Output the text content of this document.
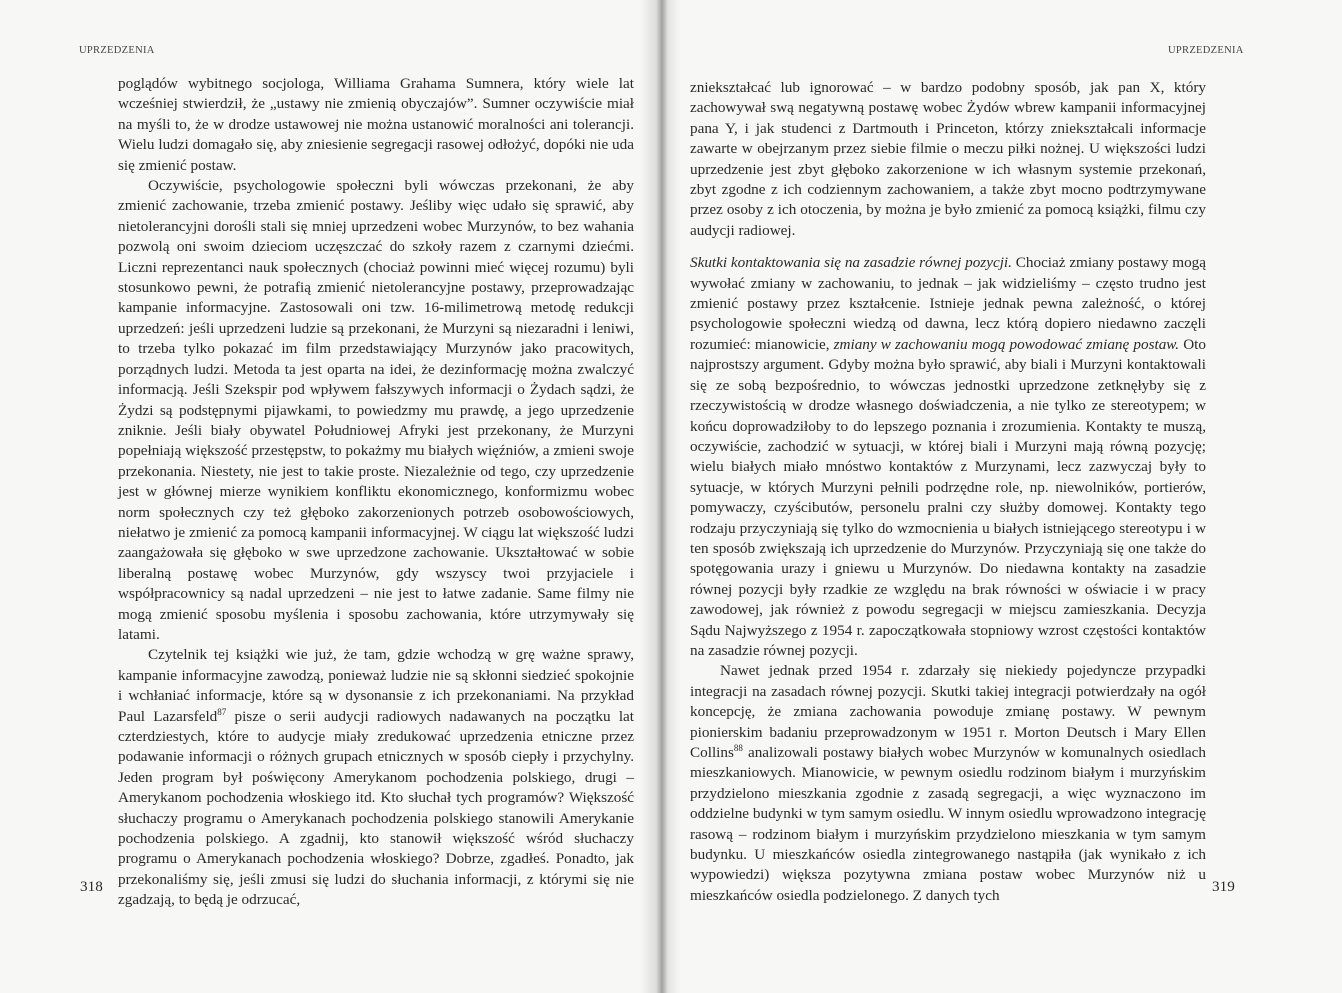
UPRZEDZENIA

poglądów wybitnego socjologa, Williama Grahama Sumnera, który wiele lat wcześniej stwierdził, że „ustawy nie zmienią obyczajów”. Sumner oczywiście miał na myśli to, że w drodze ustawowej nie można ustanowić moralności ani tolerancji. Wielu ludzi domagało się, aby zniesienie segregacji rasowej odłożyć, dopóki nie uda się zmienić postaw.

Oczywiście, psychologowie społeczni byli wówczas przekonani, że aby zmienić zachowanie, trzeba zmienić postawy. Jeśliby więc udało się sprawić, aby nietolerancyjni dorośli stali się mniej uprzedzeni wobec Murzynów, to bez wahania pozwolą oni swoim dzieciom uczęszczać do szkoły razem z czarnymi dziećmi. Liczni reprezentanci nauk społecznych (chociaż powinni mieć więcej rozumu) byli stosunkowo pewni, że potrafią zmienić nietolerancyjne postawy, przeprowadzając kampanie informacyjne. Zastosowali oni tzw. 16-milimetrową metodę redukcji uprzedzeń: jeśli uprzedzeni ludzie są przekonani, że Murzyni są niezaradni i leniwi, to trzeba tylko pokazać im film przedstawiający Murzynów jako pracowitych, porządnych ludzi. Metoda ta jest oparta na idei, że dezinformację można zwalczyć informacją. Jeśli Szekspir pod wpływem fałszywych informacji o Żydach sądzi, że Żydzi są podstępnymi pijawkami, to powiedzmy mu prawdę, a jego uprzedzenie zniknie. Jeśli biały obywatel Południowej Afryki jest przekonany, że Murzyni popełniają większość przestępstw, to pokażmy mu białych więźniów, a zmieni swoje przekonania. Niestety, nie jest to takie proste. Niezależnie od tego, czy uprzedzenie jest w głównej mierze wynikiem konfliktu ekonomicznego, konformizmu wobec norm społecznych czy też głęboko zakorzenionych potrzeb osobowościowych, niełatwo je zmienić za pomocą kampanii informacyjnej. W ciągu lat większość ludzi zaangażowała się głęboko w swe uprzedzone zachowanie. Ukształtować w sobie liberalną postawę wobec Murzynów, gdy wszyscy twoi przyjaciele i współpracownicy są nadal uprzedzeni – nie jest to łatwe zadanie. Same filmy nie mogą zmienić sposobu myślenia i sposobu zachowania, które utrzymywały się latami.

Czytelnik tej książki wie już, że tam, gdzie wchodzą w grę ważne sprawy, kampanie informacyjne zawodzą, ponieważ ludzie nie są skłonni siedzieć spokojnie i wchłaniać informacje, które są w dysonansie z ich przekonaniami. Na przykład Paul Lazarsfeld$^{87}$ pisze o serii audycji radiowych nadawanych na początku lat czterdziestych, które to audycje miały zredukować uprzedzenia etniczne przez podawanie informacji o różnych grupach etnicznych w sposób ciepły i przychylny. Jeden program był poświęcony Amerykanom pochodzenia polskiego, drugi – Amerykanom pochodzenia włoskiego itd. Kto słuchał tych programów? Większość słuchaczy programu o Amerykanach pochodzenia polskiego stanowili Amerykanie pochodzenia polskiego. A zgadnij, kto stanowił większość wśród słuchaczy programu o Amerykanach pochodzenia włoskiego? Dobrze, zgadłeś. Ponadto, jak przekonaliśmy się, jeśli zmusi się ludzi do słuchania informacji, z którymi się nie zgadzają, to będą je odrzucać,

318
UPRZEDZENIA

zniekształcać lub ignorować – w bardzo podobny sposób, jak pan X, który zachowywał swą negatywną postawę wobec Żydów wbrew kampanii informacyjnej pana Y, i jak studenci z Dartmouth i Princeton, którzy zniekształcali informacje zawarte w obejrzanym przez siebie filmie o meczu piłki nożnej. U większości ludzi uprzedzenie jest zbyt głęboko zakorzenione w ich własnym systemie przekonań, zbyt zgodne z ich codziennym zachowaniem, a także zbyt mocno podtrzymywane przez osoby z ich otoczenia, by można je było zmienić za pomocą książki, filmu czy audycji radiowej.

Skutki kontaktowania się na zasadzie równej pozycji. Chociaż zmiany postawy mogą wywołać zmiany w zachowaniu, to jednak – jak widzieliśmy – często trudno jest zmienić postawy przez kształcenie. Istnieje jednak pewna zależność, o której psychologowie społeczni wiedzą od dawna, lecz którą dopiero niedawno zaczęli rozumieć: mianowicie, zmiany w zachowaniu mogą powodować zmianę postaw. Oto najprostszy argument. Gdyby można było sprawić, aby biali i Murzyni kontaktowali się ze sobą bezpośrednio, to wówczas jednostki uprzedzone zetknęłyby się z rzeczywistością w drodze własnego doświadczenia, a nie tylko ze stereotypem; w końcu doprowadziłoby to do lepszego poznania i zrozumienia. Kontakty te muszą, oczywiście, zachodzić w sytuacji, w której biali i Murzyni mają równą pozycję; wielu białych miało mnóstwo kontaktów z Murzynami, lecz zazwyczaj były to sytuacje, w których Murzyni pełnili podrzędne role, np. niewolników, portierów, pomywaczy, czyścibutów, personelu pralni czy służby domowej. Kontakty tego rodzaju przyczyniają się tylko do wzmocnienia u białych istniejącego stereotypu i w ten sposób zwiększają ich uprzedzenie do Murzynów. Przyczyniają się one także do spotęgowania urazy i gniewu u Murzynów. Do niedawna kontakty na zasadzie równej pozycji były rzadkie ze względu na brak równości w oświacie i w pracy zawodowej, jak również z powodu segregacji w miejscu zamieszkania. Decyzja Sądu Najwyższego z 1954 r. zapoczątkowała stopniowy wzrost częstości kontaktów na zasadzie równej pozycji.

Nawet jednak przed 1954 r. zdarzały się niekiedy pojedyncze przypadki integracji na zasadach równej pozycji. Skutki takiej integracji potwierdzały na ogół koncepcję, że zmiana zachowania powoduje zmianę postawy. W pewnym pionierskim badaniu przeprowadzonym w 1951 r. Morton Deutsch i Mary Ellen Collins$^{88}$ analizowali postawy białych wobec Murzynów w komunalnych osiedlach mieszkaniowych. Mianowicie, w pewnym osiedlu rodzinom białym i murzyńskim przydzielono mieszkania zgodnie z zasadą segregacji, a więc wyznaczono im oddzielne budynki w tym samym osiedlu. W innym osiedlu wprowadzono integrację rasową – rodzinom białym i murzyńskim przydzielono mieszkania w tym samym budynku. U mieszkańców osiedla zintegrowanego nastąpiła (jak wynikało z ich wypowiedzi) większa pozytywna zmiana postaw wobec Murzynów niż u mieszkańców osiedla podzielonego. Z danych tych

319
